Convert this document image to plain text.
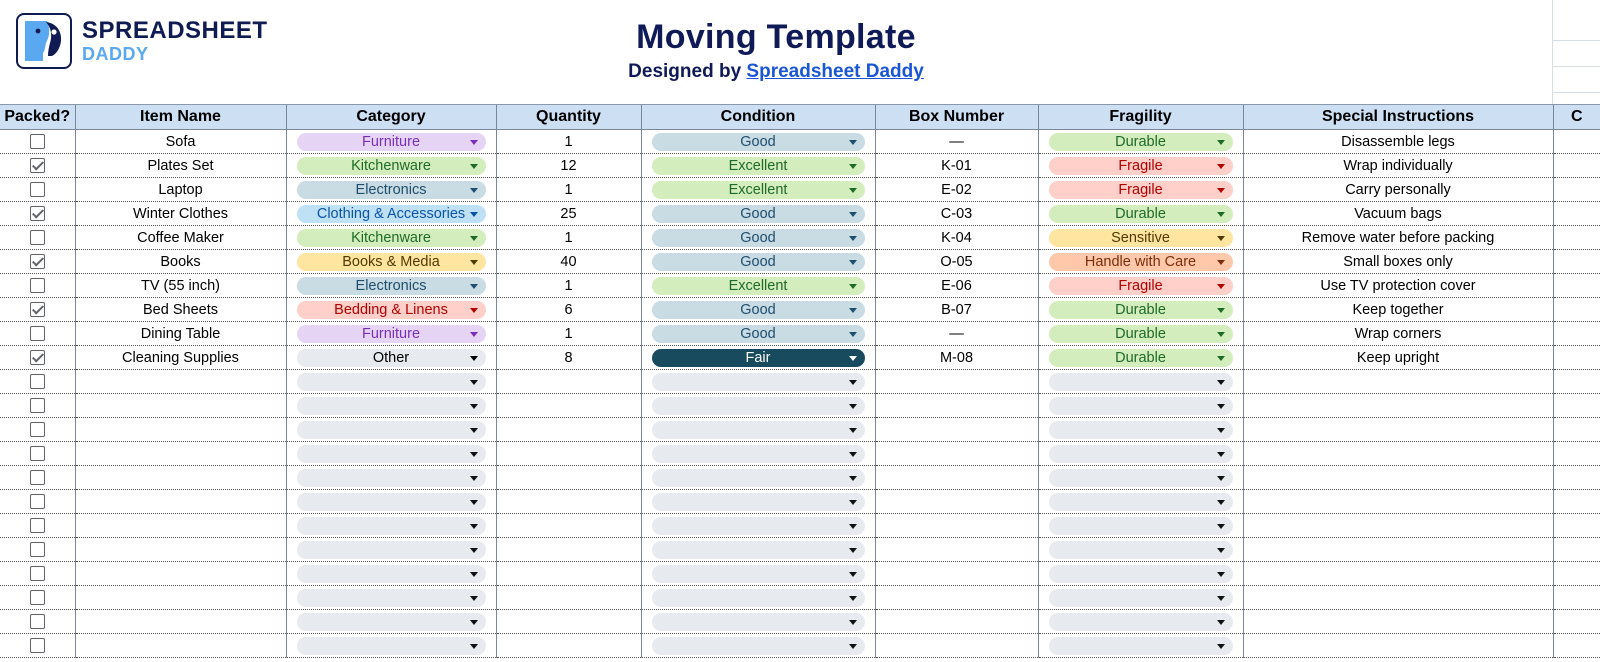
SPREADSHEET
DADDY	Moving Template
Designed by Spreadsheet Daddy
Packed?	Item Name	Category	Quantity	Condition	Box Number	Fragility	Special Instructions	C
	Sofa	Furniture	1	Good	—	Durable	Disassemble legs	
	Plates Set	Kitchenware	12	Excellent	K-01	Fragile	Wrap individually	
	Laptop	Electronics	1	Excellent	E-02	Fragile	Carry personally	
	Winter Clothes	Clothing & Accessories	25	Good	C-03	Durable	Vacuum bags	
	Coffee Maker	Kitchenware	1	Good	K-04	Sensitive	Remove water before packing	
	Books	Books & Media	40	Good	O-05	Handle with Care	Small boxes only	
	TV (55 inch)	Electronics	1	Excellent	E-06	Fragile	Use TV protection cover	
	Bed Sheets	Bedding & Linens	6	Good	B-07	Durable	Keep together	
	Dining Table	Furniture	1	Good	—	Durable	Wrap corners	
	Cleaning Supplies	Other	8	Fair	M-08	Durable	Keep upright	
